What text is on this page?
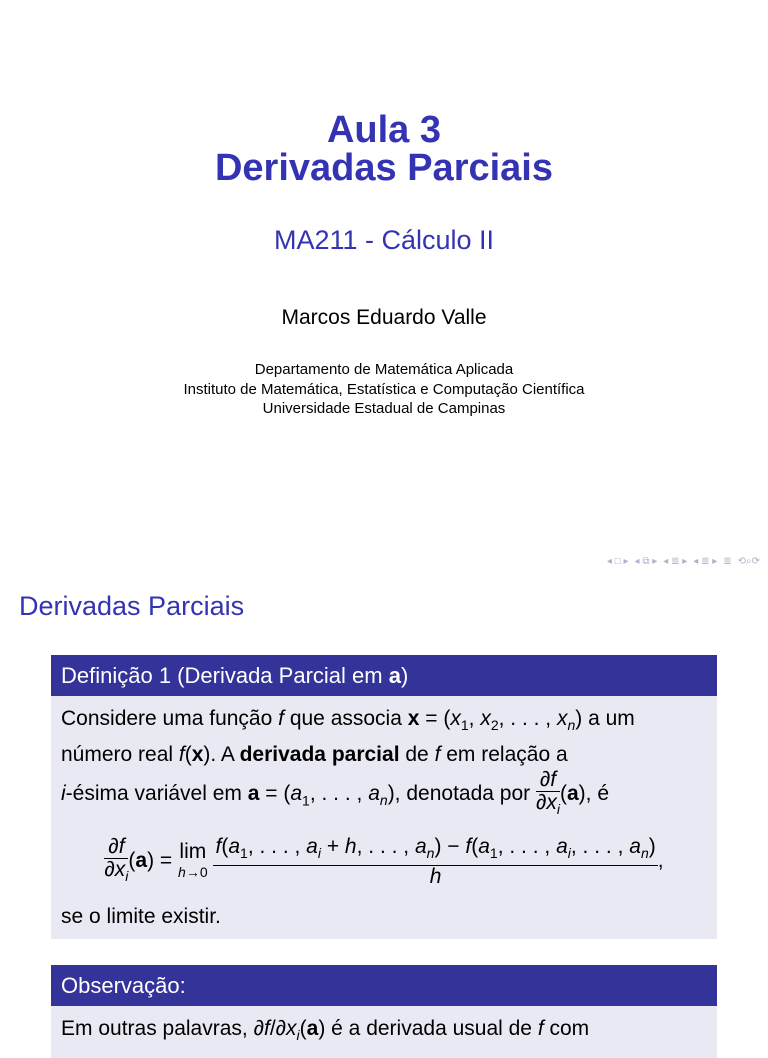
Aula 3
Derivadas Parciais
MA211 - Cálculo II
Marcos Eduardo Valle
Departamento de Matemática Aplicada
Instituto de Matemática, Estatística e Computação Científica
Universidade Estadual de Campinas
◂ □ ▸ ◂ ⧉ ▸ ◂ ≣ ▸ ◂ ≣ ▸ ≣ ⟲⌕⟳
Derivadas Parciais
Definição 1 (Derivada Parcial em a)
Considere uma função f que associa $x = (x_1$, $x_2$, . . . , $x_n$) a um
número real f(x). A derivada parcial de f em relação a
i-ésima variável em $a = (a_1$, . . . , $a_n$), denotada por $\frac{\partial f}{\partial x_i} (a)$, é
$\frac{\partial f}{\partial x_i} (a) = \lim$
h→0

$f(a_1$, . . . , $a_i + h$, . . . , $a_n) - f(a_1$, . . . , $a_i$, . . . , $a_n$)
h
,
se o limite existir.
Observação:
Em outras palavras, $\partial f/\partial x_i(a)$ é a derivada usual de f com
